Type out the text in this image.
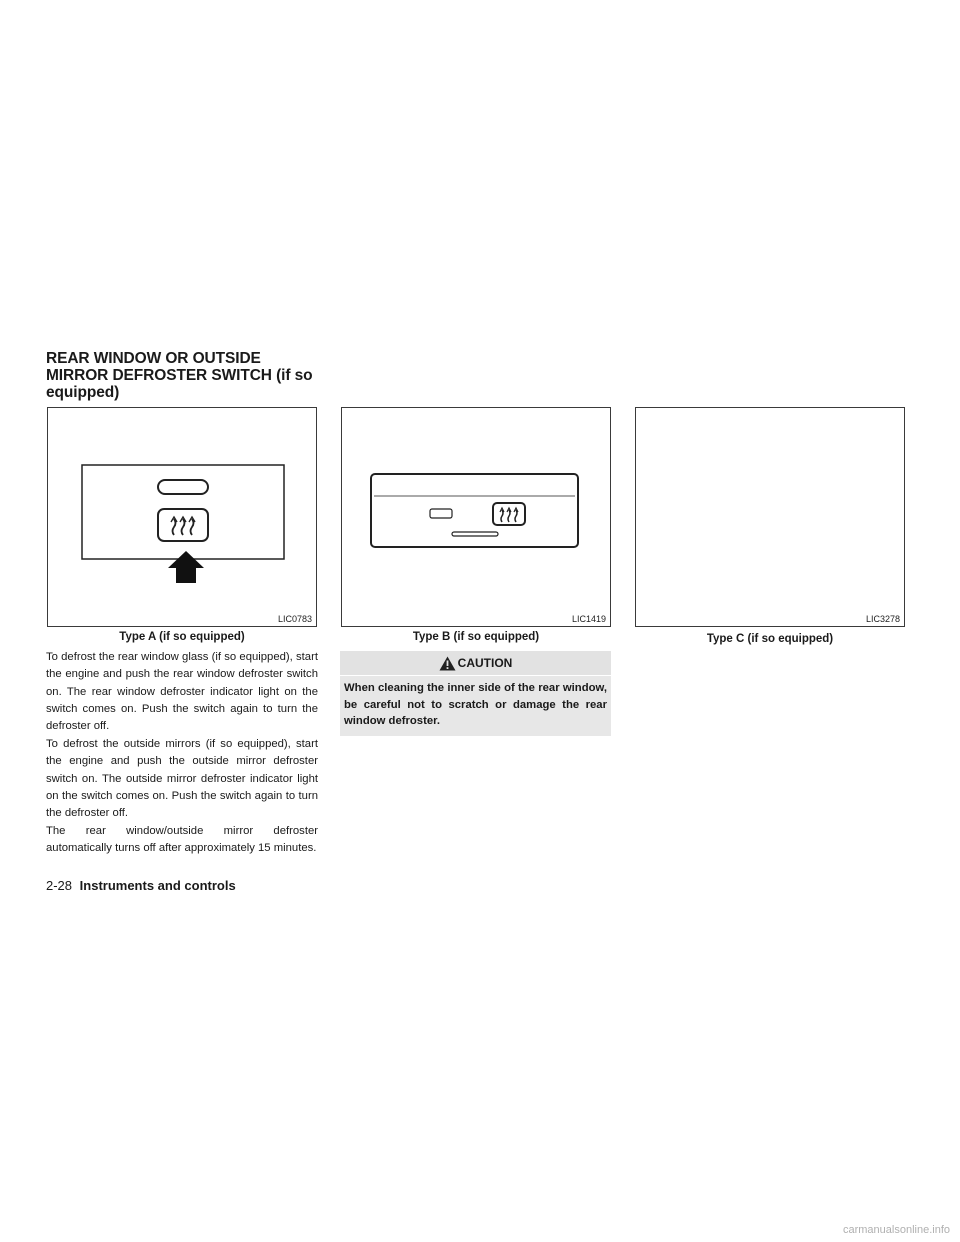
REAR WINDOW OR OUTSIDE
MIRROR DEFROSTER SWITCH (if so
equipped)
LIC0783
Type A (if so equipped)
LIC1419
Type B (if so equipped)
LIC3278
Type C (if so equipped)

To defrost the rear window glass (if so equipped), start the engine and push the rear window defroster switch on. The rear window defroster indicator light on the switch comes on. Push the switch again to turn the defroster off.

To defrost the outside mirrors (if so equipped), start the engine and push the outside mirror defroster switch on. The outside mirror defroster indicator light on the switch comes on. Push the switch again to turn the defroster off.

The rear window/outside mirror defroster automatically turns off after approximately 15 minutes.

CAUTION
When cleaning the inner side of the rear window, be careful not to scratch or damage the rear window defroster.
2-28 Instruments and controls
carmanualsonline.info
